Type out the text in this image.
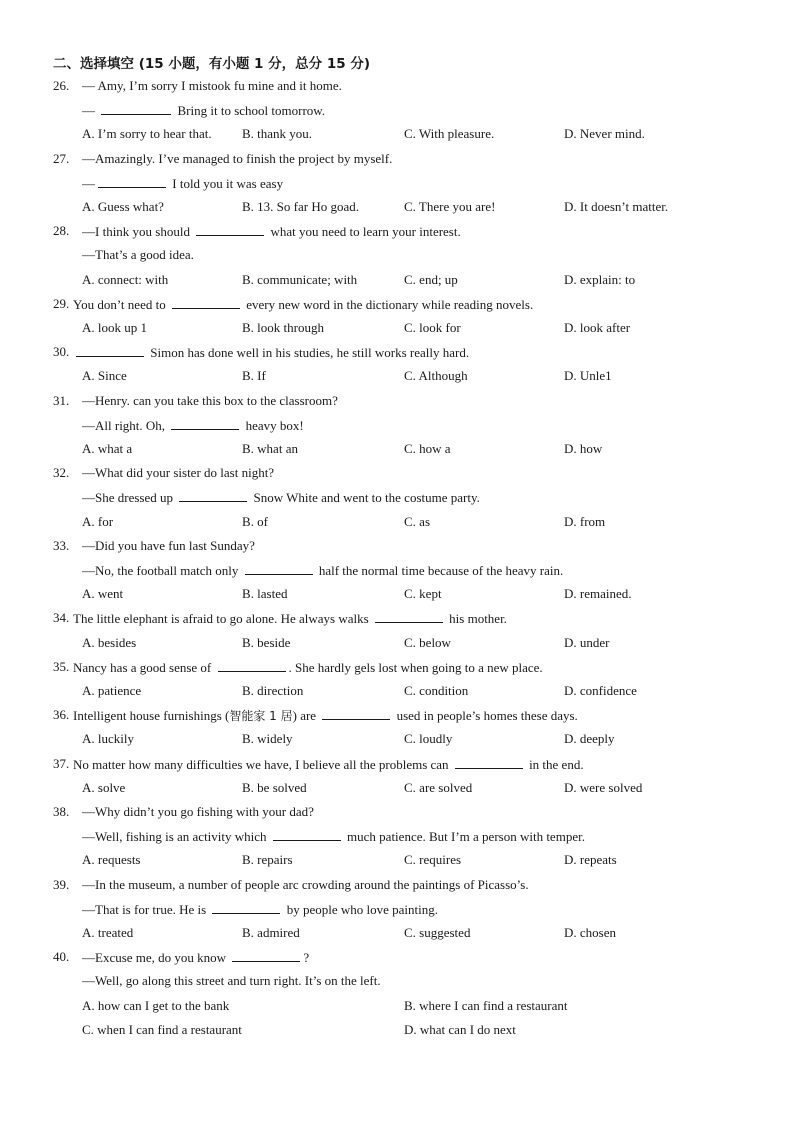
二、选择填空 (15 小题，有小题 1 分，总分 15 分)
26. — Amy, I’m sorry I mistook fu mine and it home.
—	Bring it to school tomorrow.
A. I’m sorry to hear that. B. thank you.	C. With pleasure.	D. Never mind.
27. —Amazingly. I’ve managed to finish the project by myself.
—	I told you it was easy
A. Guess what?	B. 13. So far Ho goad.	C. There you are!	D. It doesn’t matter.
28. —I think you should	what you need to learn your interest.
—That’s a good idea.
A. connect: with	B. communicate; with	C. end; up	D. explain: to
29. You don’t need to	every new word in the dictionary while reading novels.
A. look up 1	B. look through	C. look for	D. look after
30.	Simon has done well in his studies, he still works really hard.
A. Since	B. If	C. Although	D. Unle1
31. —Henry. can you take this box to the classroom?
—All right. Oh,	heavy box!
A. what a	B. what an	C. how a	D. how
32. —What did your sister do last night?
—She dressed up	Snow White and went to the costume party.
A. for	B. of	C. as	D. from
33. —Did you have fun last Sunday?
—No, the football match only	half the normal time because of the heavy rain.
A. went	B. lasted	C. kept	D. remained.
34. The little elephant is afraid to go alone. He always walks	his mother.
A. besides	B. beside	C. below	D. under
35. Nancy has a good sense of	. She hardly gels lost when going to a new place.
A. patience	B. direction	C. condition	D. confidence
36. Intelligent house furnishings (智能家 1 居) are	used in people’s homes these days.
A. luckily	B. widely	C. loudly	D. deeply
37. No matter how many difficulties we have, I believe all the problems can	in the end.
A. solve	B. be solved	C. are solved	D. were solved
38. —Why didn’t you go fishing with your dad?
—Well, fishing is an activity which	much patience. But I’m a person with temper.
A. requests	B. repairs	C. requires	D. repeats
39. —In the museum, a number of people arc crowding around the paintings of Picasso’s.
—That is for true. He is	by people who love painting.
A. treated	B. admired	C. suggested	D. chosen
40. —Excuse me, do you know	?
—Well, go along this street and turn right. It’s on the left.
A. how can I get to the bank	B. where I can find a restaurant
C. when I can find a restaurant	D. what can I do next
